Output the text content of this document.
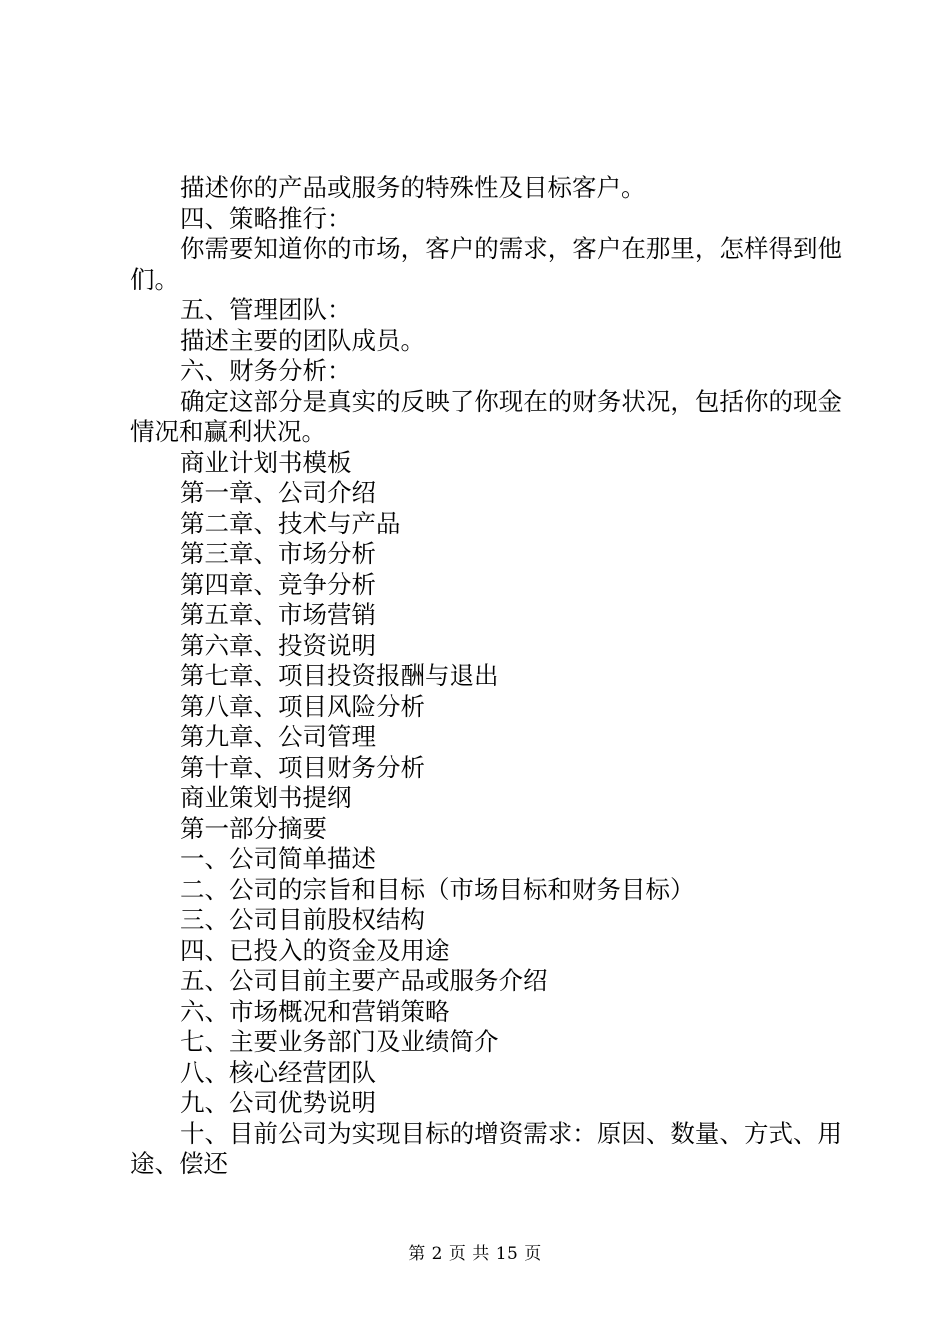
描述你的产品或服务的特殊性及目标客户。

四、策略推行：

你需要知道你的市场，客户的需求，客户在那里，怎样得到他们。

五、管理团队：

描述主要的团队成员。

六、财务分析：

确定这部分是真实的反映了你现在的财务状况，包括你的现金情况和赢利状况。

商业计划书模板

第一章、公司介绍

第二章、技术与产品

第三章、市场分析

第四章、竞争分析

第五章、市场营销

第六章、投资说明

第七章、项目投资报酬与退出

第八章、项目风险分析

第九章、公司管理

第十章、项目财务分析

商业策划书提纲

第一部分摘要

一、公司简单描述

二、公司的宗旨和目标（市场目标和财务目标）

三、公司目前股权结构

四、已投入的资金及用途

五、公司目前主要产品或服务介绍

六、市场概况和营销策略

七、主要业务部门及业绩简介

八、核心经营团队

九、公司优势说明

十、目前公司为实现目标的增资需求：原因、数量、方式、用途、偿还

第 2 页 共 15 页
